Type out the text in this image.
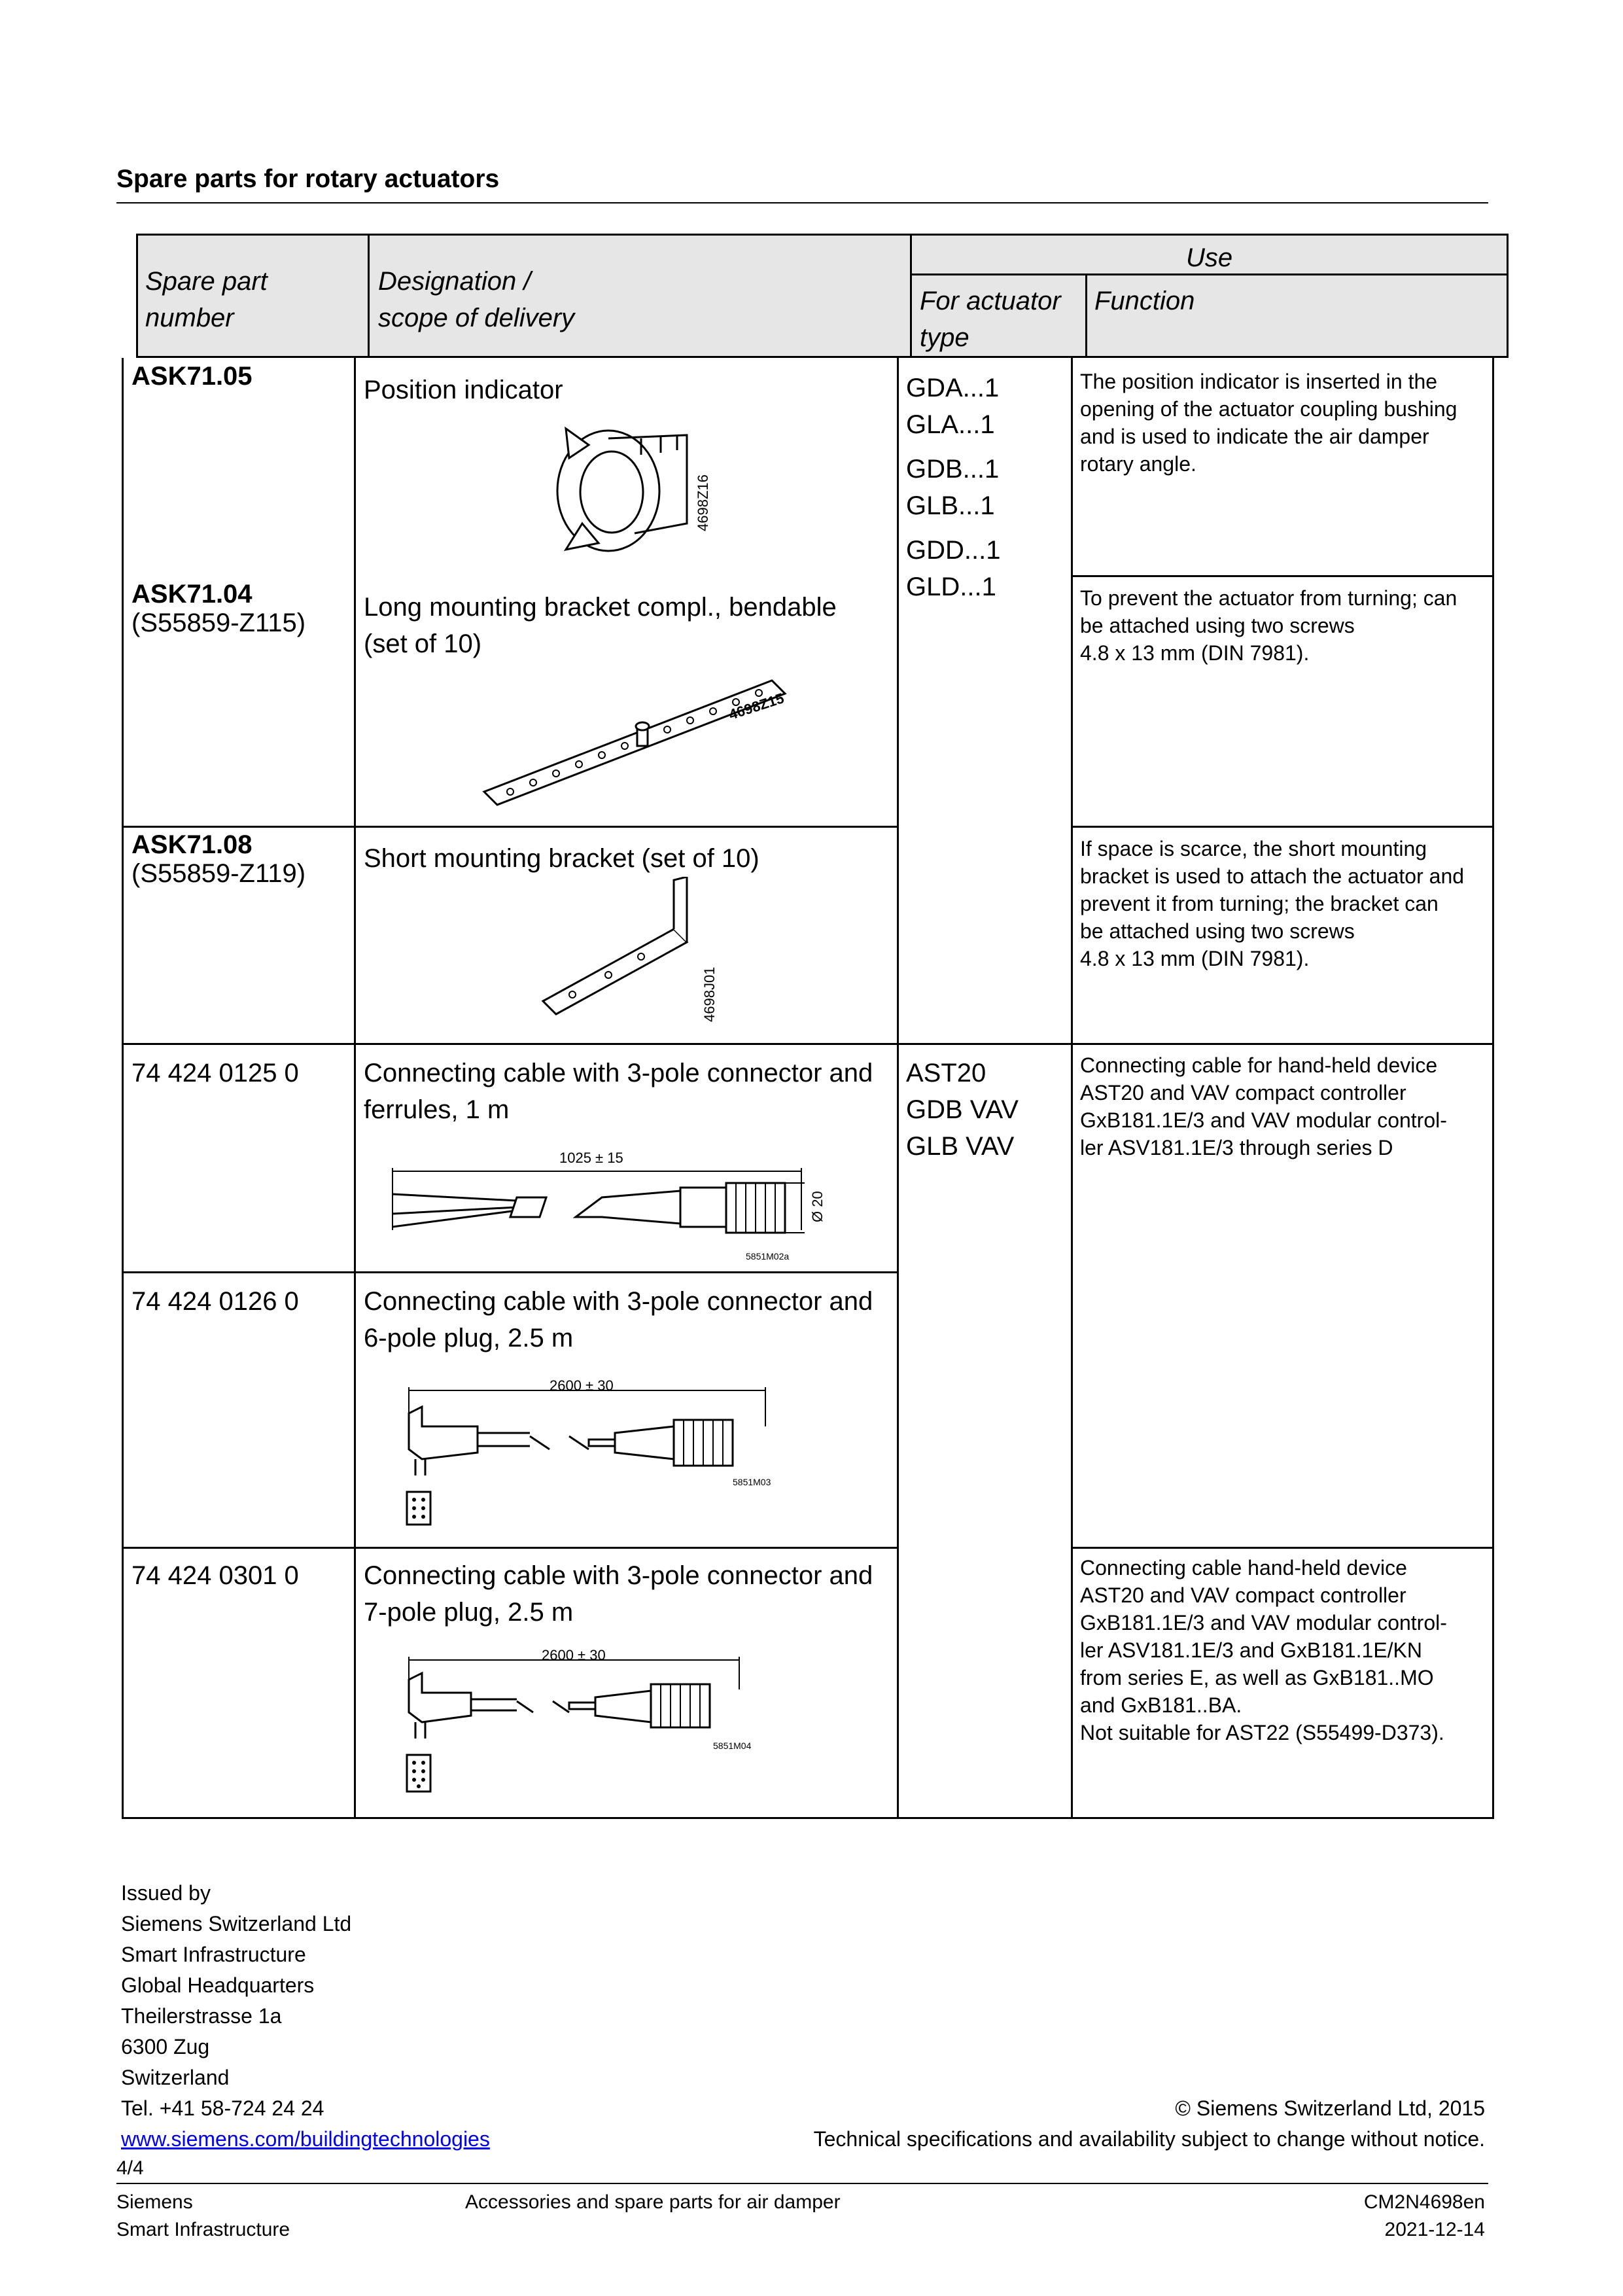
Spare parts for rotary actuators
Spare part
number
Designation /
scope of delivery
Use
For actuator
type
Function
ASK71.05	Position indicator
4698Z16
The position indicator is inserted in the
opening of the actuator coupling bushing
and is used to indicate the air damper
rotary angle.
GDA...1
GLA...1
GDB...1
GLB...1
GDD...1
GLD...1
ASK71.04
(S55859-Z115)
Long mounting bracket compl., bendable
(set of 10)
4698Z15
To prevent the actuator from turning; can
be attached using two screws
4.8 x 13 mm (DIN 7981).
ASK71.08
(S55859-Z119)
Short mounting bracket (set of 10)
4698J01
If space is scarce, the short mounting
bracket is used to attach the actuator and
prevent it from turning; the bracket can
be attached using two screws
4.8 x 13 mm (DIN 7981).
74 424 0125 0 Connecting cable with 3-pole connector and
ferrules, 1 m
1025 ± 15
Ø 20
5851M02a
AST20
GDB VAV
GLB VAV
Connecting cable for hand-held device
AST20 and VAV compact controller
GxB181.1E/3 and VAV modular control-
ler ASV181.1E/3 through series D
74 424 0126 0 Connecting cable with 3-pole connector and
6-pole plug, 2.5 m
2600 ± 30
5851M03
74 424 0301 0 Connecting cable with 3-pole connector and
7-pole plug, 2.5 m
2600 ± 30
5851M04
Connecting cable hand-held device
AST20 and VAV compact controller
GxB181.1E/3 and VAV modular control-
ler ASV181.1E/3 and GxB181.1E/KN
from series E, as well as GxB181..MO
and GxB181..BA.
Not suitable for AST22 (S55499-D373).
Issued by
Siemens Switzerland Ltd
Smart Infrastructure
Global Headquarters
Theilerstrasse 1a
6300 Zug
Switzerland
Tel. +41 58-724 24 24
www.siemens.com/buildingtechnologies
© Siemens Switzerland Ltd, 2015
Technical specifications and availability subject to change without notice.
4/4
Siemens
Smart Infrastructure
Accessories and spare parts for air damper	CM2N4698en
2021-12-14
